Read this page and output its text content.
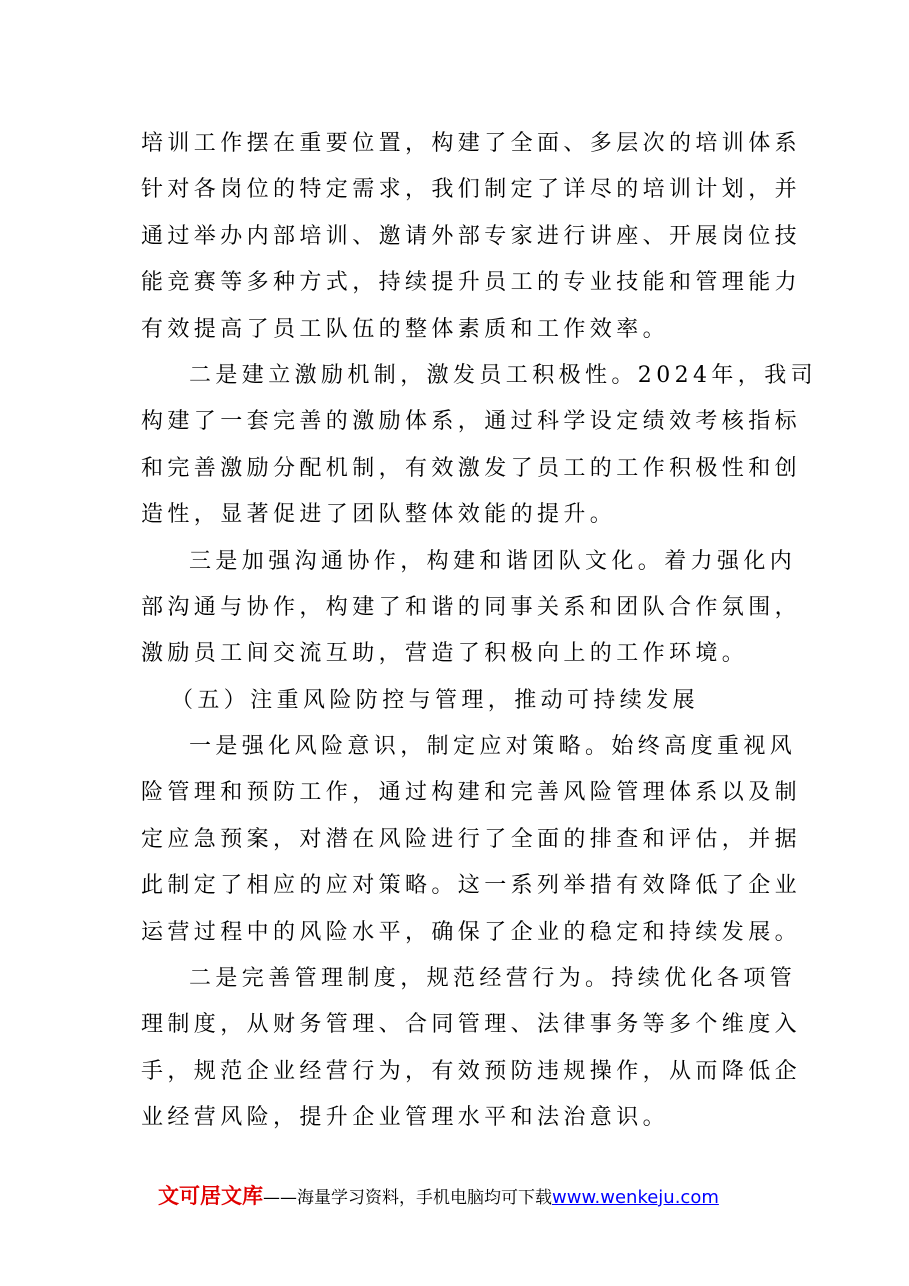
培训工作摆在重要位置，构建了全面、多层次的培训体系
针对各岗位的特定需求，我们制定了详尽的培训计划，并
通过举办内部培训、邀请外部专家进行讲座、开展岗位技
能竞赛等多种方式，持续提升员工的专业技能和管理能力
有效提高了员工队伍的整体素质和工作效率。
二是建立激励机制，激发员工积极性。2024年，我司
构建了一套完善的激励体系，通过科学设定绩效考核指标
和完善激励分配机制，有效激发了员工的工作积极性和创
造性，显著促进了团队整体效能的提升。
三是加强沟通协作，构建和谐团队文化。着力强化内
部沟通与协作，构建了和谐的同事关系和团队合作氛围，
激励员工间交流互助，营造了积极向上的工作环境。
（五）注重风险防控与管理，推动可持续发展
一是强化风险意识，制定应对策略。始终高度重视风
险管理和预防工作，通过构建和完善风险管理体系以及制
定应急预案，对潜在风险进行了全面的排查和评估，并据
此制定了相应的应对策略。这一系列举措有效降低了企业
运营过程中的风险水平，确保了企业的稳定和持续发展。
二是完善管理制度，规范经营行为。持续优化各项管
理制度，从财务管理、合同管理、法律事务等多个维度入
手，规范企业经营行为，有效预防违规操作，从而降低企
业经营风险，提升企业管理水平和法治意识。
文可居文库——海量学习资料，手机电脑均可下载www.wenkeju.com
